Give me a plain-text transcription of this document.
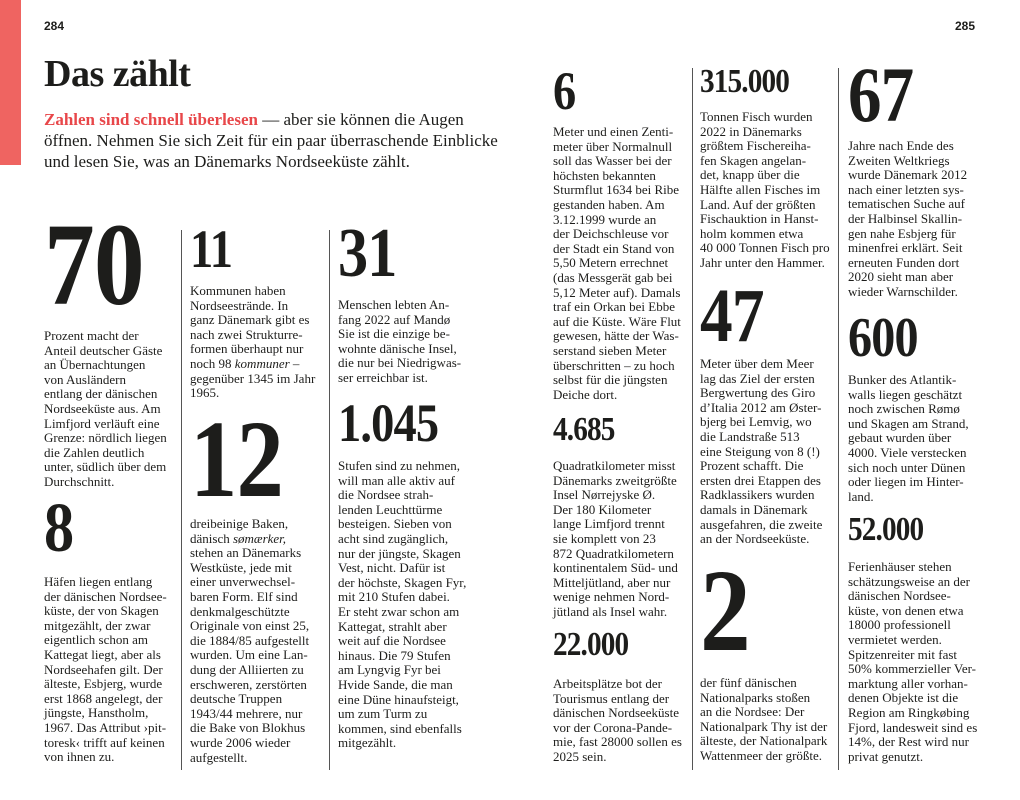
284	285
Das zählt
Zahlen sind schnell überlesen — aber sie können die Augen öffnen. Nehmen Sie sich Zeit für ein paar überraschende Einblicke und lesen Sie, was an Dänemarks Nordseeküste zählt.
70
Prozent macht der
Anteil deutscher Gäste
an Übernachtungen
von Ausländern
entlang der dänischen
Nordseeküste aus. Am
Limfjord verläuft eine
Grenze: nördlich liegen
die Zahlen deutlich
unter, südlich über dem
Durchschnitt.
8
Häfen liegen entlang
der dänischen Nordsee-
küste, der von Skagen
mitgezählt, der zwar
eigentlich schon am
Kattegat liegt, aber als
Nordseehafen gilt. Der
älteste, Esbjerg, wurde
erst 1868 angelegt, der
jüngste, Hanstholm,
1967. Das Attribut ›pit-
toresk‹ trifft auf keinen
von ihnen zu.
11
Kommunen haben
Nordseestrände. In
ganz Dänemark gibt es
nach zwei Strukturre-
formen überhaupt nur
noch 98 kommuner –
gegenüber 1345 im Jahr
1965.
12
dreibeinige Baken,
dänisch sømærker,
stehen an Dänemarks
Westküste, jede mit
einer unverwechsel-
baren Form. Elf sind
denkmalgeschützte
Originale von einst 25,
die 1884/85 aufgestellt
wurden. Um eine Lan-
dung der Alliierten zu
erschweren, zerstörten
deutsche Truppen
1943/44 mehrere, nur
die Bake von Blokhus
wurde 2006 wieder
aufgestellt.
31
Menschen lebten An-
fang 2022 auf Mandø
Sie ist die einzige be-
wohnte dänische Insel,
die nur bei Niedrigwas-
ser erreichbar ist.
1.045
Stufen sind zu nehmen,
will man alle aktiv auf
die Nordsee strah-
lenden Leuchttürme
besteigen. Sieben von
acht sind zugänglich,
nur der jüngste, Skagen
Vest, nicht. Dafür ist
der höchste, Skagen Fyr,
mit 210 Stufen dabei.
Er steht zwar schon am
Kattegat, strahlt aber
weit auf die Nordsee
hinaus. Die 79 Stufen
am Lyngvig Fyr bei
Hvide Sande, die man
eine Düne hinaufsteigt,
um zum Turm zu
kommen, sind ebenfalls
mitgezählt.
6
Meter und einen Zenti-
meter über Normalnull
soll das Wasser bei der
höchsten bekannten
Sturmflut 1634 bei Ribe
gestanden haben. Am
3.12.1999 wurde an
der Deichschleuse vor
der Stadt ein Stand von
5,50 Metern errechnet
(das Messgerät gab bei
5,12 Meter auf). Damals
traf ein Orkan bei Ebbe
auf die Küste. Wäre Flut
gewesen, hätte der Was-
serstand sieben Meter
überschritten – zu hoch
selbst für die jüngsten
Deiche dort.
4.685
Quadratkilometer misst
Dänemarks zweitgrößte
Insel Nørrejyske Ø.
Der 180 Kilometer
lange Limfjord trennt
sie komplett von 23
872 Quadratkilometern
kontinentalem Süd- und
Mitteljütland, aber nur
wenige nehmen Nord-
jütland als Insel wahr.
22.000
Arbeitsplätze bot der
Tourismus entlang der
dänischen Nordseeküste
vor der Corona-Pande-
mie, fast 28000 sollen es
2025 sein.
315.000
Tonnen Fisch wurden
2022 in Dänemarks
größtem Fischereiha-
fen Skagen angelan-
det, knapp über die
Hälfte allen Fisches im
Land. Auf der größten
Fischauktion in Hanst-
holm kommen etwa
40 000 Tonnen Fisch pro
Jahr unter den Hammer.
47
Meter über dem Meer
lag das Ziel der ersten
Bergwertung des Giro
d’Italia 2012 am Øster-
bjerg bei Lemvig, wo
die Landstraße 513
eine Steigung von 8 (!)
Prozent schafft. Die
ersten drei Etappen des
Radklassikers wurden
damals in Dänemark
ausgefahren, die zweite
an der Nordseeküste.
2
der fünf dänischen
Nationalparks stoßen
an die Nordsee: Der
Nationalpark Thy ist der
älteste, der Nationalpark
Wattenmeer der größte.
67
Jahre nach Ende des
Zweiten Weltkriegs
wurde Dänemark 2012
nach einer letzten sys-
tematischen Suche auf
der Halbinsel Skallin-
gen nahe Esbjerg für
minenfrei erklärt. Seit
erneuten Funden dort
2020 sieht man aber
wieder Warnschilder.
600
Bunker des Atlantik-
walls liegen geschätzt
noch zwischen Rømø
und Skagen am Strand,
gebaut wurden über
4000. Viele verstecken
sich noch unter Dünen
oder liegen im Hinter-
land.
52.000
Ferienhäuser stehen
schätzungsweise an der
dänischen Nordsee-
küste, von denen etwa
18000 professionell
vermietet werden.
Spitzenreiter mit fast
50% kommerzieller Ver-
marktung aller vorhan-
denen Objekte ist die
Region am Ringkøbing
Fjord, landesweit sind es
14%, der Rest wird nur
privat genutzt.
